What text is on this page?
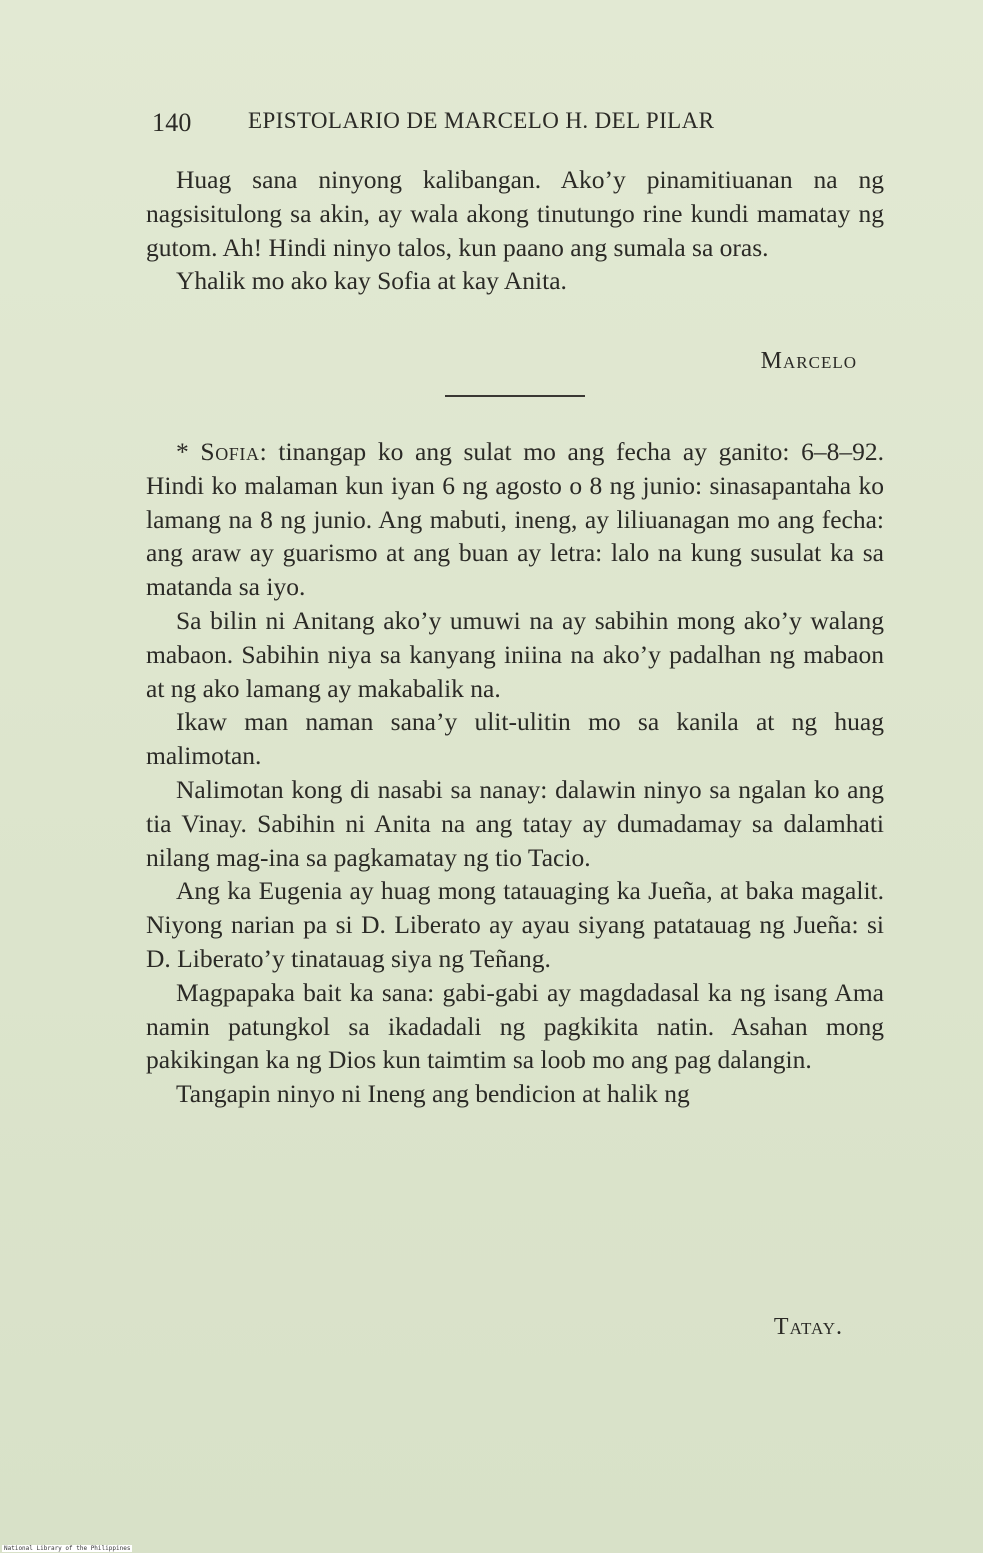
140 EPISTOLARIO DE MARCELO H. DEL PILAR

Huag sana ninyong kalibangan. Ako’y pinamitiuanan na ng nagsisitulong sa akin, ay wala akong tinutungo rine kundi mamatay ng gutom. Ah! Hindi ninyo talos, kun paano ang sumala sa oras.

Yhalik mo ako kay Sofia at kay Anita.

Marcelo

* Sofia: tinangap ko ang sulat mo ang fecha ay ganito: 6–8–92. Hindi ko malaman kun iyan 6 ng agosto o 8 ng junio: sinasapantaha ko lamang na 8 ng junio. Ang mabuti, ineng, ay liliuanagan mo ang fecha: ang araw ay guarismo at ang buan ay letra: lalo na kung susulat ka sa matanda sa iyo.

Sa bilin ni Anitang ako’y umuwi na ay sabihin mong ako’y walang mabaon. Sabihin niya sa kanyang iniina na ako’y padalhan ng mabaon at ng ako lamang ay makabalik na.

Ikaw man naman sana’y ulit-ulitin mo sa kanila at ng huag malimotan.

Nalimotan kong di nasabi sa nanay: dalawin ninyo sa ngalan ko ang tia Vinay. Sabihin ni Anita na ang tatay ay dumadamay sa dalamhati nilang mag-ina sa pagkamatay ng tio Tacio.

Ang ka Eugenia ay huag mong tatauaging ka Jueña, at baka magalit. Niyong narian pa si D. Liberato ay ayau siyang patatauag ng Jueña: si D. Liberato’y tinatauag siya ng Teñang.

Magpapaka bait ka sana: gabi-gabi ay magdadasal ka ng isang Ama namin patungkol sa ikadadali ng pagkikita natin. Asahan mong pakikingan ka ng Dios kun taimtim sa loob mo ang pag dalangin.

Tangapin ninyo ni Ineng ang bendicion at halik ng

Tatay.
National Library of the Philippines
